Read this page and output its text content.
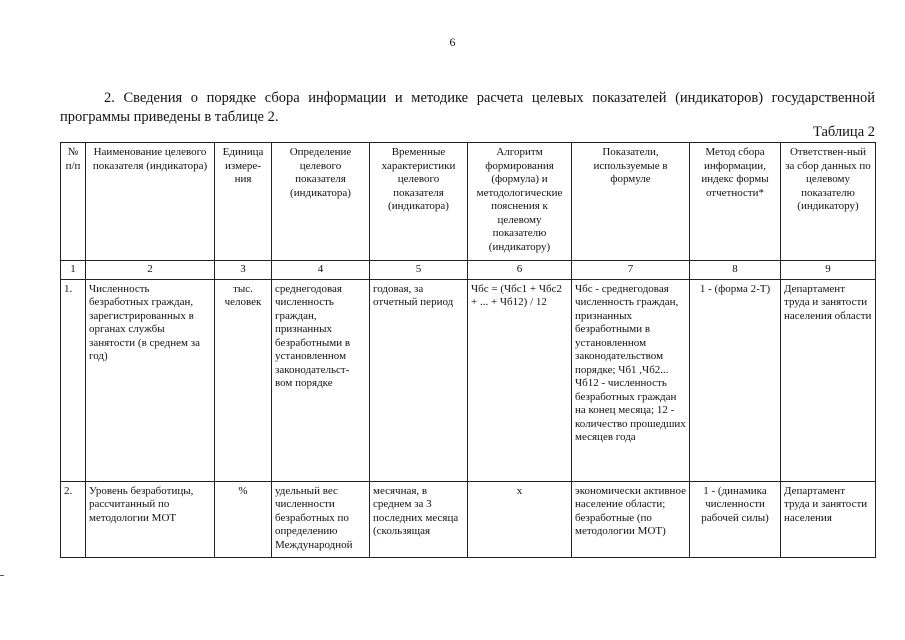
6
2. Сведения о порядке сбора информации и методике расчета целевых показателей (индикаторов) государственной программы приведены в таблице 2.
Таблица 2
№ п/п	Наименование целевого показателя (индикатора)	Единица измере-ния	Определение целевого показателя (индикатора)	Временные характеристики целевого показателя (индикатора)	Алгоритм формирования (формула) и методологические пояснения к целевому показателю (индикатору)	Показатели, используемые в формуле	Метод сбора информации, индекс формы отчетности*	Ответствен-ный за сбор данных по целевому показателю (индикатору)
1	2	3	4	5	6	7	8	9
1.	Численность безработных граждан, зарегистрированных в органах службы занятости (в среднем за год)	тыс. человек	среднегодовая численность граждан, признанных безработными в установленном законодательст-вом порядке	годовая, за отчетный период	Чбс = (Чбс1 + Чбс2 + ... + Чб12) / 12	Чбс - среднегодовая численность граждан, признанных безработными в установленном законодательством порядке; Чб1 ,Чб2... Чб12 - численность безработных граждан на конец месяца; 12 - количество прошедших месяцев года	1 - (форма 2-Т)	Департамент труда и занятости населения области
2.	Уровень безработицы, рассчитанный по методологии МОТ	%	удельный вес численности безработных по определению Международной	месячная, в среднем за 3 последних месяца (скользящая	х	экономически активное население области; безработные (по методологии МОТ)	1 - (динамика численности рабочей силы)	Департамент труда и занятости населения
